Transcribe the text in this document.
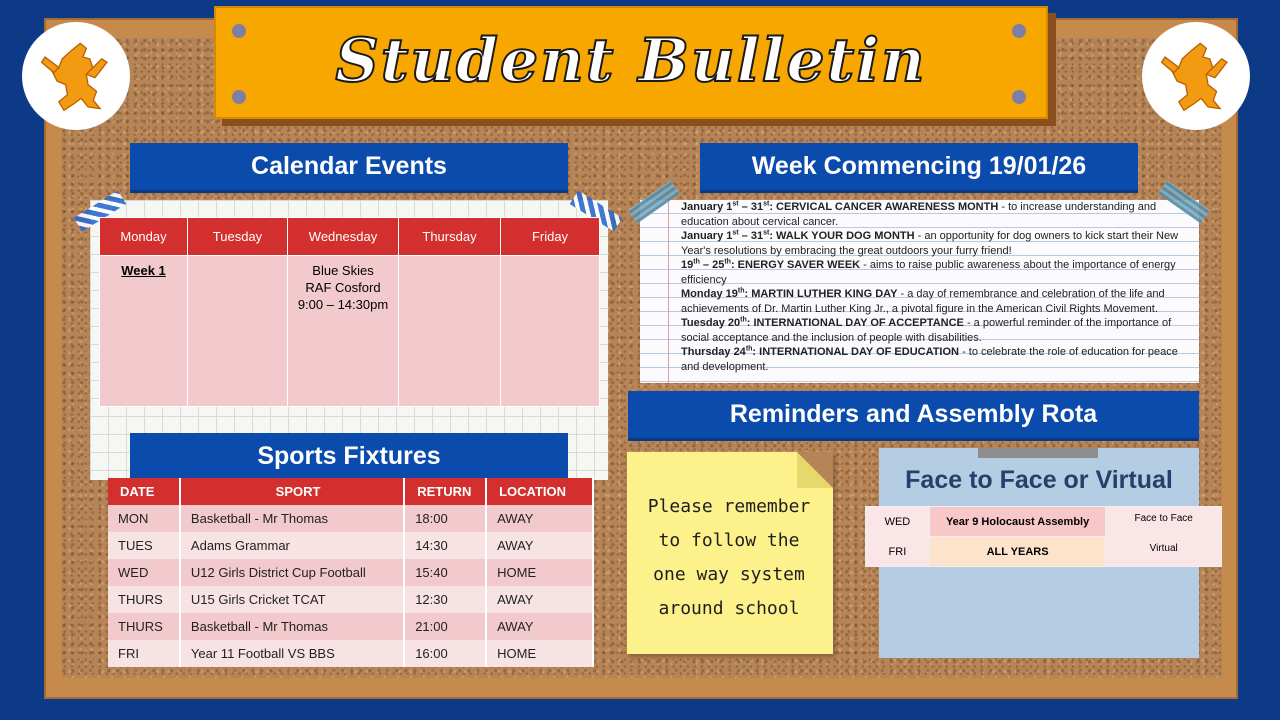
Student Bulletin
Calendar Events
Monday	Tuesday	Wednesday	Thursday	Friday
Week 1		Blue Skies
RAF Cosford
9:00 – 14:30pm		

Sports Fixtures
DATE	SPORT	RETURN	LOCATION
MON	Basketball - Mr Thomas	18:00	AWAY
TUES	Adams Grammar	14:30	AWAY
WED	U12 Girls District Cup Football	15:40	HOME
THURS	U15 Girls Cricket TCAT	12:30	AWAY
THURS	Basketball - Mr Thomas	21:00	AWAY
FRI	Year 11 Football VS BBS	16:00	HOME
Week Commencing 19/01/26
January 1st – 31st: CERVICAL CANCER AWARENESS MONTH - to increase understanding and education about cervical cancer.
January 1st – 31st: WALK YOUR DOG MONTH - an opportunity for dog owners to kick start their New Year's resolutions by embracing the great outdoors your furry friend!
19th – 25th: ENERGY SAVER WEEK - aims to raise public awareness about the importance of energy efficiency
Monday 19th: MARTIN LUTHER KING DAY - a day of remembrance and celebration of the life and achievements of Dr. Martin Luther King Jr., a pivotal figure in the American Civil Rights Movement.
Tuesday 20th: INTERNATIONAL DAY OF ACCEPTANCE - a powerful reminder of the importance of social acceptance and the inclusion of people with disabilities.
Thursday 24th: INTERNATIONAL DAY OF EDUCATION - to celebrate the role of education for peace and development.
Reminders and Assembly Rota
Please remember
to follow the
one way system
around school
Face to Face or Virtual
WED	Year 9 Holocaust Assembly	Face to Face
FRI	ALL YEARS	Virtual
